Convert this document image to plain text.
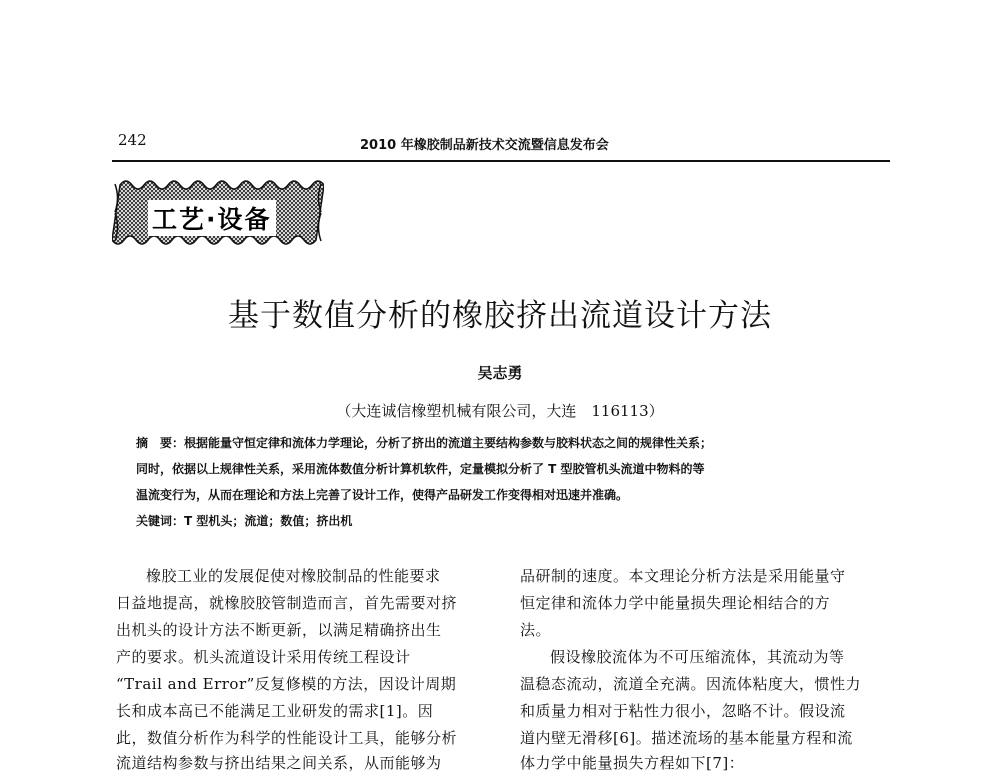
242	2010 年橡胶制品新技术交流暨信息发布会
工艺·设备
基于数值分析的橡胶挤出流道设计方法
吴志勇
（大连诚信橡塑机械有限公司，大连　116113）
摘　要：根据能量守恒定律和流体力学理论，分析了挤出的流道主要结构参数与胶料状态之间的规律性关系；
同时，依据以上规律性关系，采用流体数值分析计算机软件，定量模拟分析了 T 型胶管机头流道中物料的等
温流变行为，从而在理论和方法上完善了设计工作，使得产品研发工作变得相对迅速并准确。
关键词：T 型机头；流道；数值；挤出机
橡胶工业的发展促使对橡胶制品的性能要求
日益地提高，就橡胶胶管制造而言，首先需要对挤
出机头的设计方法不断更新，以满足精确挤出生
产的要求。机头流道设计采用传统工程设计
“Trail and Error”反复修模的方法，因设计周期
长和成本高已不能满足工业研发的需求[1]。因
此，数值分析作为科学的性能设计工具，能够分析
流道结构参数与挤出结果之间关系，从而能够为
品研制的速度。本文理论分析方法是采用能量守
恒定律和流体力学中能量损失理论相结合的方
法。
假设橡胶流体为不可压缩流体，其流动为等
温稳态流动，流道全充满。因流体粘度大，惯性力
和质量力相对于粘性力很小，忽略不计。假设流
道内壁无滑移[6]。描述流场的基本能量方程和流
体力学中能量损失方程如下[7]：
